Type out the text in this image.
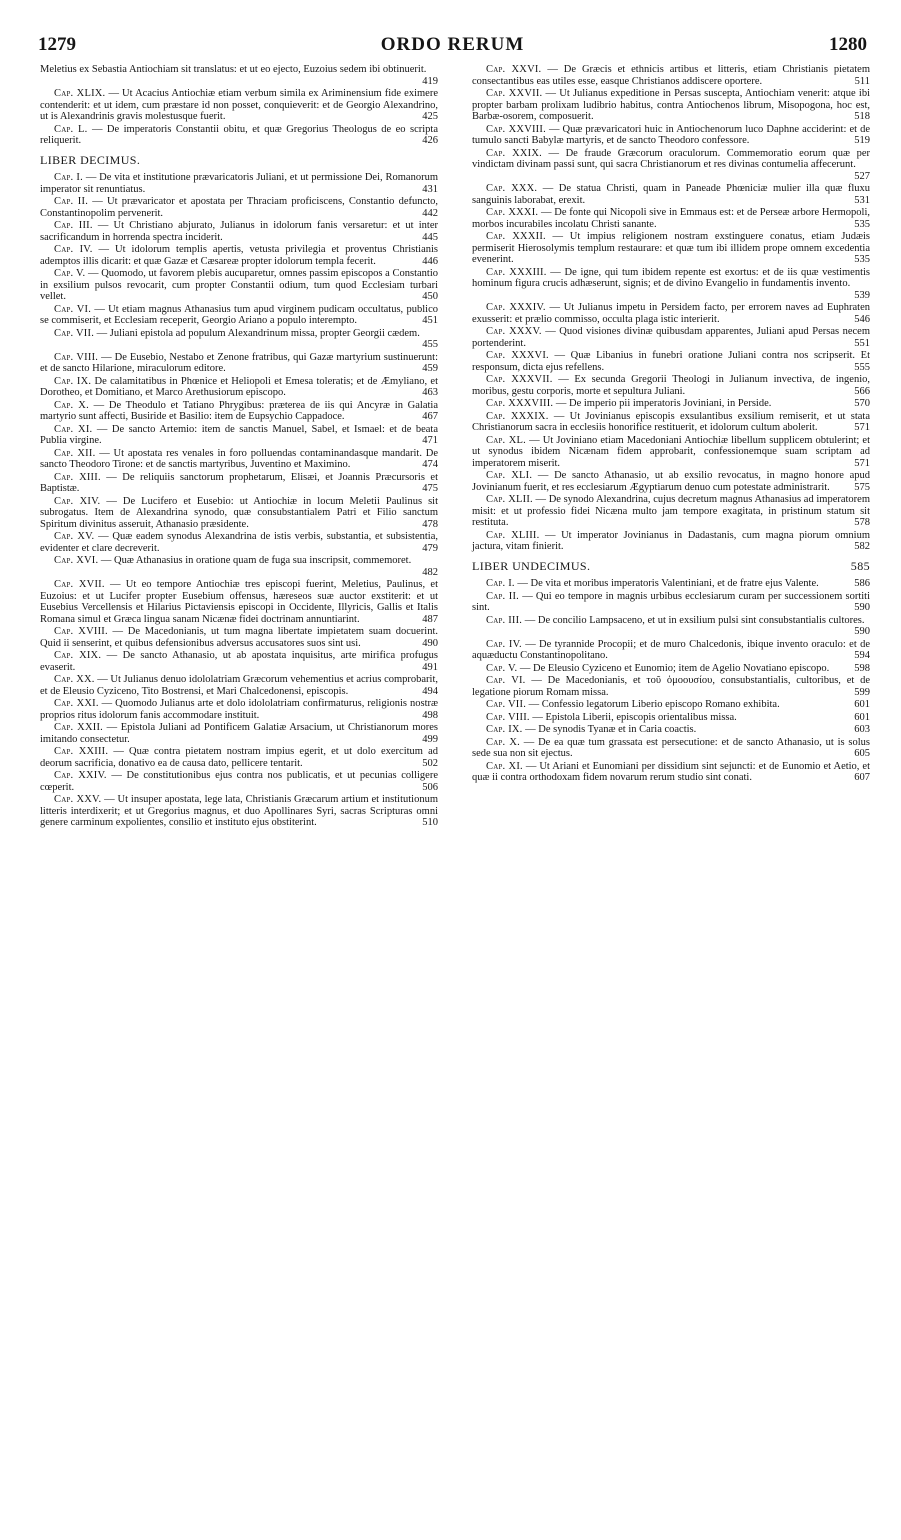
1279	ORDO RERUM	1280
Meletius ex Sebastia Antiochiam sit translatus: et ut eo ejecto, Euzoius sedem ibi obtinuerit.
419
Cap. XLIX. — Ut Acacius Antiochiæ etiam verbum simila ex Ariminensium fide eximere contenderit: et ut idem, cum præstare id non posset, conquieverit: et de Georgio Alexandrino, ut is Alexandrinis gravis molestusque fuerit.	425
Cap. L. — De imperatoris Constantii obitu, et quæ Gregorius Theologus de eo scripta reliquerit.	426
LIBER DECIMUS.
Cap. I. — De vita et institutione prævaricatoris Juliani, et ut permissione Dei, Romanorum imperator sit renuntiatus.	431
Cap. II. — Ut prævaricator et apostata per Thraciam proficiscens, Constantio defuncto, Constantinopolim pervenerit.	442
Cap. III. — Ut Christiano abjurato, Julianus in idolorum fanis versaretur: et ut inter sacrificandum in horrenda spectra inciderit.	445
Cap. IV. — Ut idolorum templis apertis, vetusta privilegia et proventus Christianis ademptos illis dicarit: et quæ Gazæ et Cæsareæ propter idolorum templa fecerit.	446
Cap. V. — Quomodo, ut favorem plebis aucuparetur, omnes passim episcopos a Constantio in exsilium pulsos revocarit, cum propter Constantii odium, tum quod Ecclesiam turbari vellet.	450
Cap. VI. — Ut etiam magnus Athanasius tum apud virginem pudicam occultatus, publico se commiserit, et Ecclesiam receperit, Georgio Ariano a populo interempto.	451
Cap. VII. — Juliani epistola ad populum Alexandrinum missa, propter Georgii cædem.
455
Cap. VIII. — De Eusebio, Nestabo et Zenone fratribus, qui Gazæ martyrium sustinuerunt: et de sancto Hilarione, miraculorum editore.	459
Cap. IX. De calamitatibus in Phœnice et Heliopoli et Emesa toleratis; et de Æmyliano, et Dorotheo, et Domitiano, et Marco Arethusiorum episcopo.	463
Cap. X. — De Theodulo et Tatiano Phrygibus: præterea de iis qui Ancyræ in Galatia martyrio sunt affecti, Busiride et Basilio: item de Eupsychio Cappadoce.	467
Cap. XI. — De sancto Artemio: item de sanctis Manuel, Sabel, et Ismael: et de beata Publia virgine.	471
Cap. XII. — Ut apostata res venales in foro polluendas contaminandasque mandarit. De sancto Theodoro Tirone: et de sanctis martyribus, Juventino et Maximino.	474
Cap. XIII. — De reliquiis sanctorum prophetarum, Elisæi, et Joannis Præcursoris et Baptistæ.	475
Cap. XIV. — De Lucifero et Eusebio: ut Antiochiæ in locum Meletii Paulinus sit subrogatus. Item de Alexandrina synodo, quæ consubstantialem Patri et Filio sanctum Spiritum divinitus asseruit, Athanasio præsidente.	478
Cap. XV. — Quæ eadem synodus Alexandrina de istis verbis, substantia, et subsistentia, evidenter et clare decreverit.	479
Cap. XVI. — Quæ Athanasius in oratione quam de fuga sua inscripsit, commemoret.
482
Cap. XVII. — Ut eo tempore Antiochiæ tres episcopi fuerint, Meletius, Paulinus, et Euzoius: et ut Lucifer propter Eusebium offensus, hæreseos suæ auctor exstiterit: et ut Eusebius Vercellensis et Hilarius Pictaviensis episcopi in Occidente, Illyricis, Gallis et Italis Romana simul et Græca lingua sanam Nicænæ fidei doctrinam annuntiarint.	487
Cap. XVIII. — De Macedonianis, ut tum magna libertate impietatem suam docuerint. Quid ii senserint, et quibus defensionibus adversus accusatores suos sint usi.	490
Cap. XIX. — De sancto Athanasio, ut ab apostata inquisitus, arte mirifica profugus evaserit.	491
Cap. XX. — Ut Julianus denuo idololatriam Græcorum vehementius et acrius comprobarit, et de Eleusio Cyziceno, Tito Bostrensi, et Mari Chalcedonensi, episcopis.	494
Cap. XXI. — Quomodo Julianus arte et dolo idololatriam confirmaturus, religionis nostræ proprios ritus idolorum fanis accommodare instituit.	498
Cap. XXII. — Epistola Juliani ad Pontificem Galatiæ Arsacium, ut Christianorum mores imitando consectetur.	499
Cap. XXIII. — Quæ contra pietatem nostram impius egerit, et ut dolo exercitum ad deorum sacrificia, donativo ea de causa dato, pellicere tentarit.	502
Cap. XXIV. — De constitutionibus ejus contra nos publicatis, et ut pecunias colligere cœperit.	506
Cap. XXV. — Ut insuper apostata, lege lata, Christianis Græcarum artium et institutionum litteris interdixerit; et ut Gregorius magnus, et duo Apollinares Syri, sacras Scripturas omni genere carminum expolientes, consilio et instituto ejus obstiterint.	510
Cap. XXVI. — De Græcis et ethnicis artibus et litteris, etiam Christianis pietatem consectantibus eas utiles esse, easque Christianos addiscere oportere.	511
Cap. XXVII. — Ut Julianus expeditione in Persas suscepta, Antiochiam venerit: atque ibi propter barbam prolixam ludibrio habitus, contra Antiochenos librum, Misopogona, hoc est, Barbæ-osorem, composuerit.	518
Cap. XXVIII. — Quæ prævaricatori huic in Antiochenorum luco Daphne acciderint: et de tumulo sancti Babylæ martyris, et de sancto Theodoro confessore.	519
Cap. XXIX. — De fraude Græcorum oraculorum. Commemoratio eorum quæ per vindictam divinam passi sunt, qui sacra Christianorum et res divinas contumelia affecerunt.
527
Cap. XXX. — De statua Christi, quam in Paneade Phœniciæ mulier illa quæ fluxu sanguinis laborabat, erexit.	531
Cap. XXXI. — De fonte qui Nicopoli sive in Emmaus est: et de Perseæ arbore Hermopoli, morbos incurabiles incolatu Christi sanante.	535
Cap. XXXII. — Ut impius religionem nostram exstinguere conatus, etiam Judæis permiserit Hierosolymis templum restaurare: et quæ tum ibi illidem prope omnem excedentia evenerint.	535
Cap. XXXIII. — De igne, qui tum ibidem repente est exortus: et de iis quæ vestimentis hominum figura crucis adhæserunt, signis; et de divino Evangelio in fundamentis invento.
539
Cap. XXXIV. — Ut Julianus impetu in Persidem facto, per errorem naves ad Euphraten exusserit: et prælio commisso, occulta plaga istic interierit.	546
Cap. XXXV. — Quod visiones divinæ quibusdam apparentes, Juliani apud Persas necem portenderint.	551
Cap. XXXVI. — Quæ Libanius in funebri oratione Juliani contra nos scripserit. Et responsum, dicta ejus refellens.	555
Cap. XXXVII. — Ex secunda Gregorii Theologi in Julianum invectiva, de ingenio, moribus, gestu corporis, morte et sepultura Juliani.	566
Cap. XXXVIII. — De imperio pii imperatoris Joviniani, in Perside.	570
Cap. XXXIX. — Ut Jovinianus episcopis exsulantibus exsilium remiserit, et ut stata Christianorum sacra in ecclesiis honorifice restituerit, et idolorum cultum abolerit.	571
Cap. XL. — Ut Joviniano etiam Macedoniani Antiochiæ libellum supplicem obtulerint; et ut synodus ibidem Nicænam fidem approbarit, confessionemque suam scriptam ad imperatorem miserit.	571
Cap. XLI. — De sancto Athanasio, ut ab exsilio revocatus, in magno honore apud Jovinianum fuerit, et res ecclesiarum Ægyptiarum denuo cum potestate administrarit.	575
Cap. XLII. — De synodo Alexandrina, cujus decretum magnus Athanasius ad imperatorem misit: et ut professio fidei Nicæna multo jam tempore exagitata, in pristinum statum sit restituta.	578
Cap. XLIII. — Ut imperator Jovinianus in Dadastanis, cum magna piorum omnium jactura, vitam finierit.	582
LIBER UNDECIMUS.	585
Cap. I. — De vita et moribus imperatoris Valentiniani, et de fratre ejus Valente.	586
Cap. II. — Qui eo tempore in magnis urbibus ecclesiarum curam per successionem sortiti sint.	590
Cap. III. — De concilio Lampsaceno, et ut in exsilium pulsi sint consubstantialis cultores.
590
Cap. IV. — De tyrannide Procopii; et de muro Chalcedonis, ibique invento oraculo: et de aquæductu Constantinopolitano.	594
Cap. V. — De Eleusio Cyziceno et Eunomio; item de Agelio Novatiano episcopo.	598
Cap. VI. — De Macedonianis, et τοῦ ὁμοουσίου, consubstantialis, cultoribus, et de legatione piorum Romam missa.	599
Cap. VII. — Confessio legatorum Liberio episcopo Romano exhibita.	601
Cap. VIII. — Epistola Liberii, episcopis orientalibus missa.	601
Cap. IX. — De synodis Tyanæ et in Caria coactis.	603
Cap. X. — De ea quæ tum grassata est persecutione: et de sancto Athanasio, ut is solus sede sua non sit ejectus.	605
Cap. XI. — Ut Ariani et Eunomiani per dissidium sint sejuncti: et de Eunomio et Aetio, et quæ ii contra orthodoxam fidem novarum rerum studio sint conati.	607
